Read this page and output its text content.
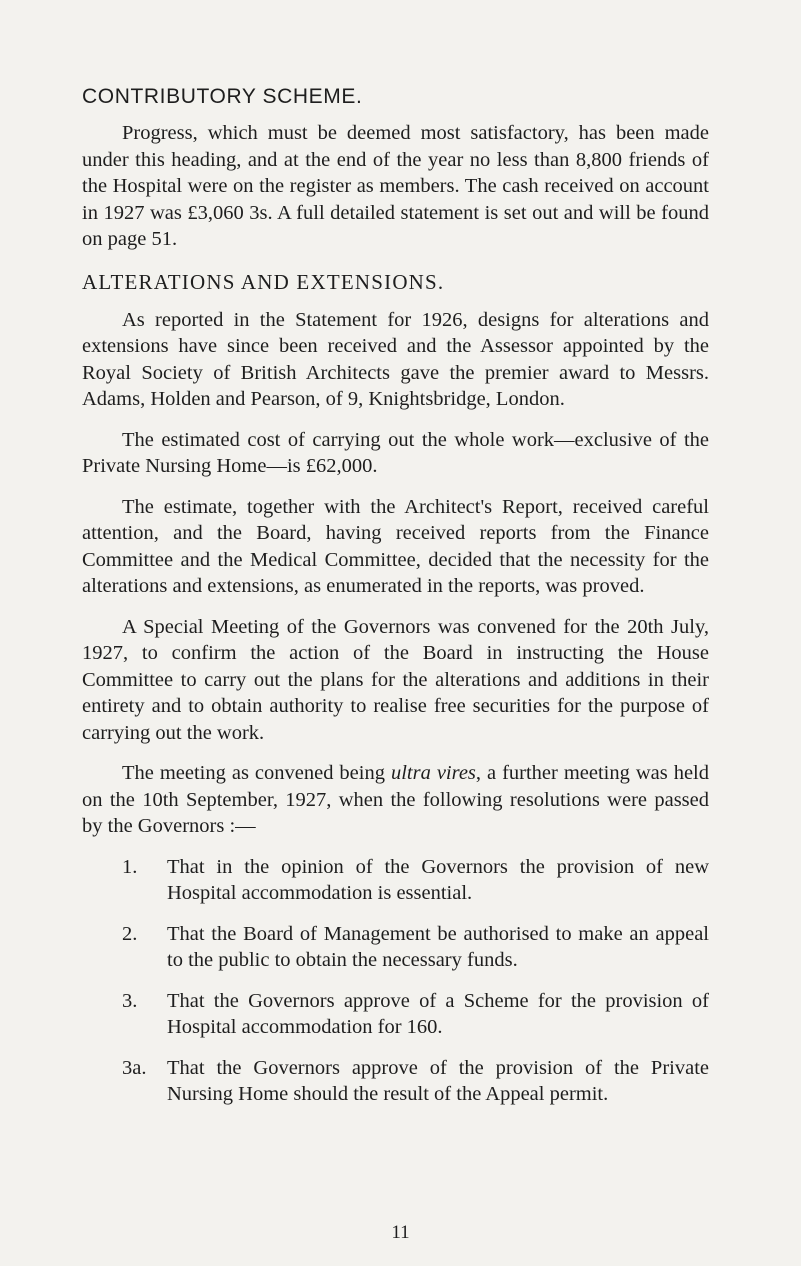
CONTRIBUTORY SCHEME.

Progress, which must be deemed most satisfactory, has been made under this heading, and at the end of the year no less than 8,800 friends of the Hospital were on the register as members. The cash received on account in 1927 was £3,060 3s. A full detailed statement is set out and will be found on page 51.

ALTERATIONS AND EXTENSIONS.

As reported in the Statement for 1926, designs for alterations and extensions have since been received and the Assessor appointed by the Royal Society of British Architects gave the premier award to Messrs. Adams, Holden and Pearson, of 9, Knightsbridge, London.

The estimated cost of carrying out the whole work—exclusive of the Private Nursing Home—is £62,000.

The estimate, together with the Architect's Report, received careful attention, and the Board, having received reports from the Finance Committee and the Medical Committee, decided that the necessity for the alterations and extensions, as enumerated in the reports, was proved.

A Special Meeting of the Governors was convened for the 20th July, 1927, to confirm the action of the Board in instructing the House Committee to carry out the plans for the alterations and additions in their entirety and to obtain authority to realise free securities for the purpose of carrying out the work.

The meeting as convened being ultra vires, a further meeting was held on the 10th September, 1927, when the following resolutions were passed by the Governors :—

1.	That in the opinion of the Governors the provision of new Hospital accommodation is essential.
2.	That the Board of Management be authorised to make an appeal to the public to obtain the necessary funds.
3.	That the Governors approve of a Scheme for the provision of Hospital accommodation for 160.
3a.	That the Governors approve of the provision of the Private Nursing Home should the result of the Appeal permit.
11
